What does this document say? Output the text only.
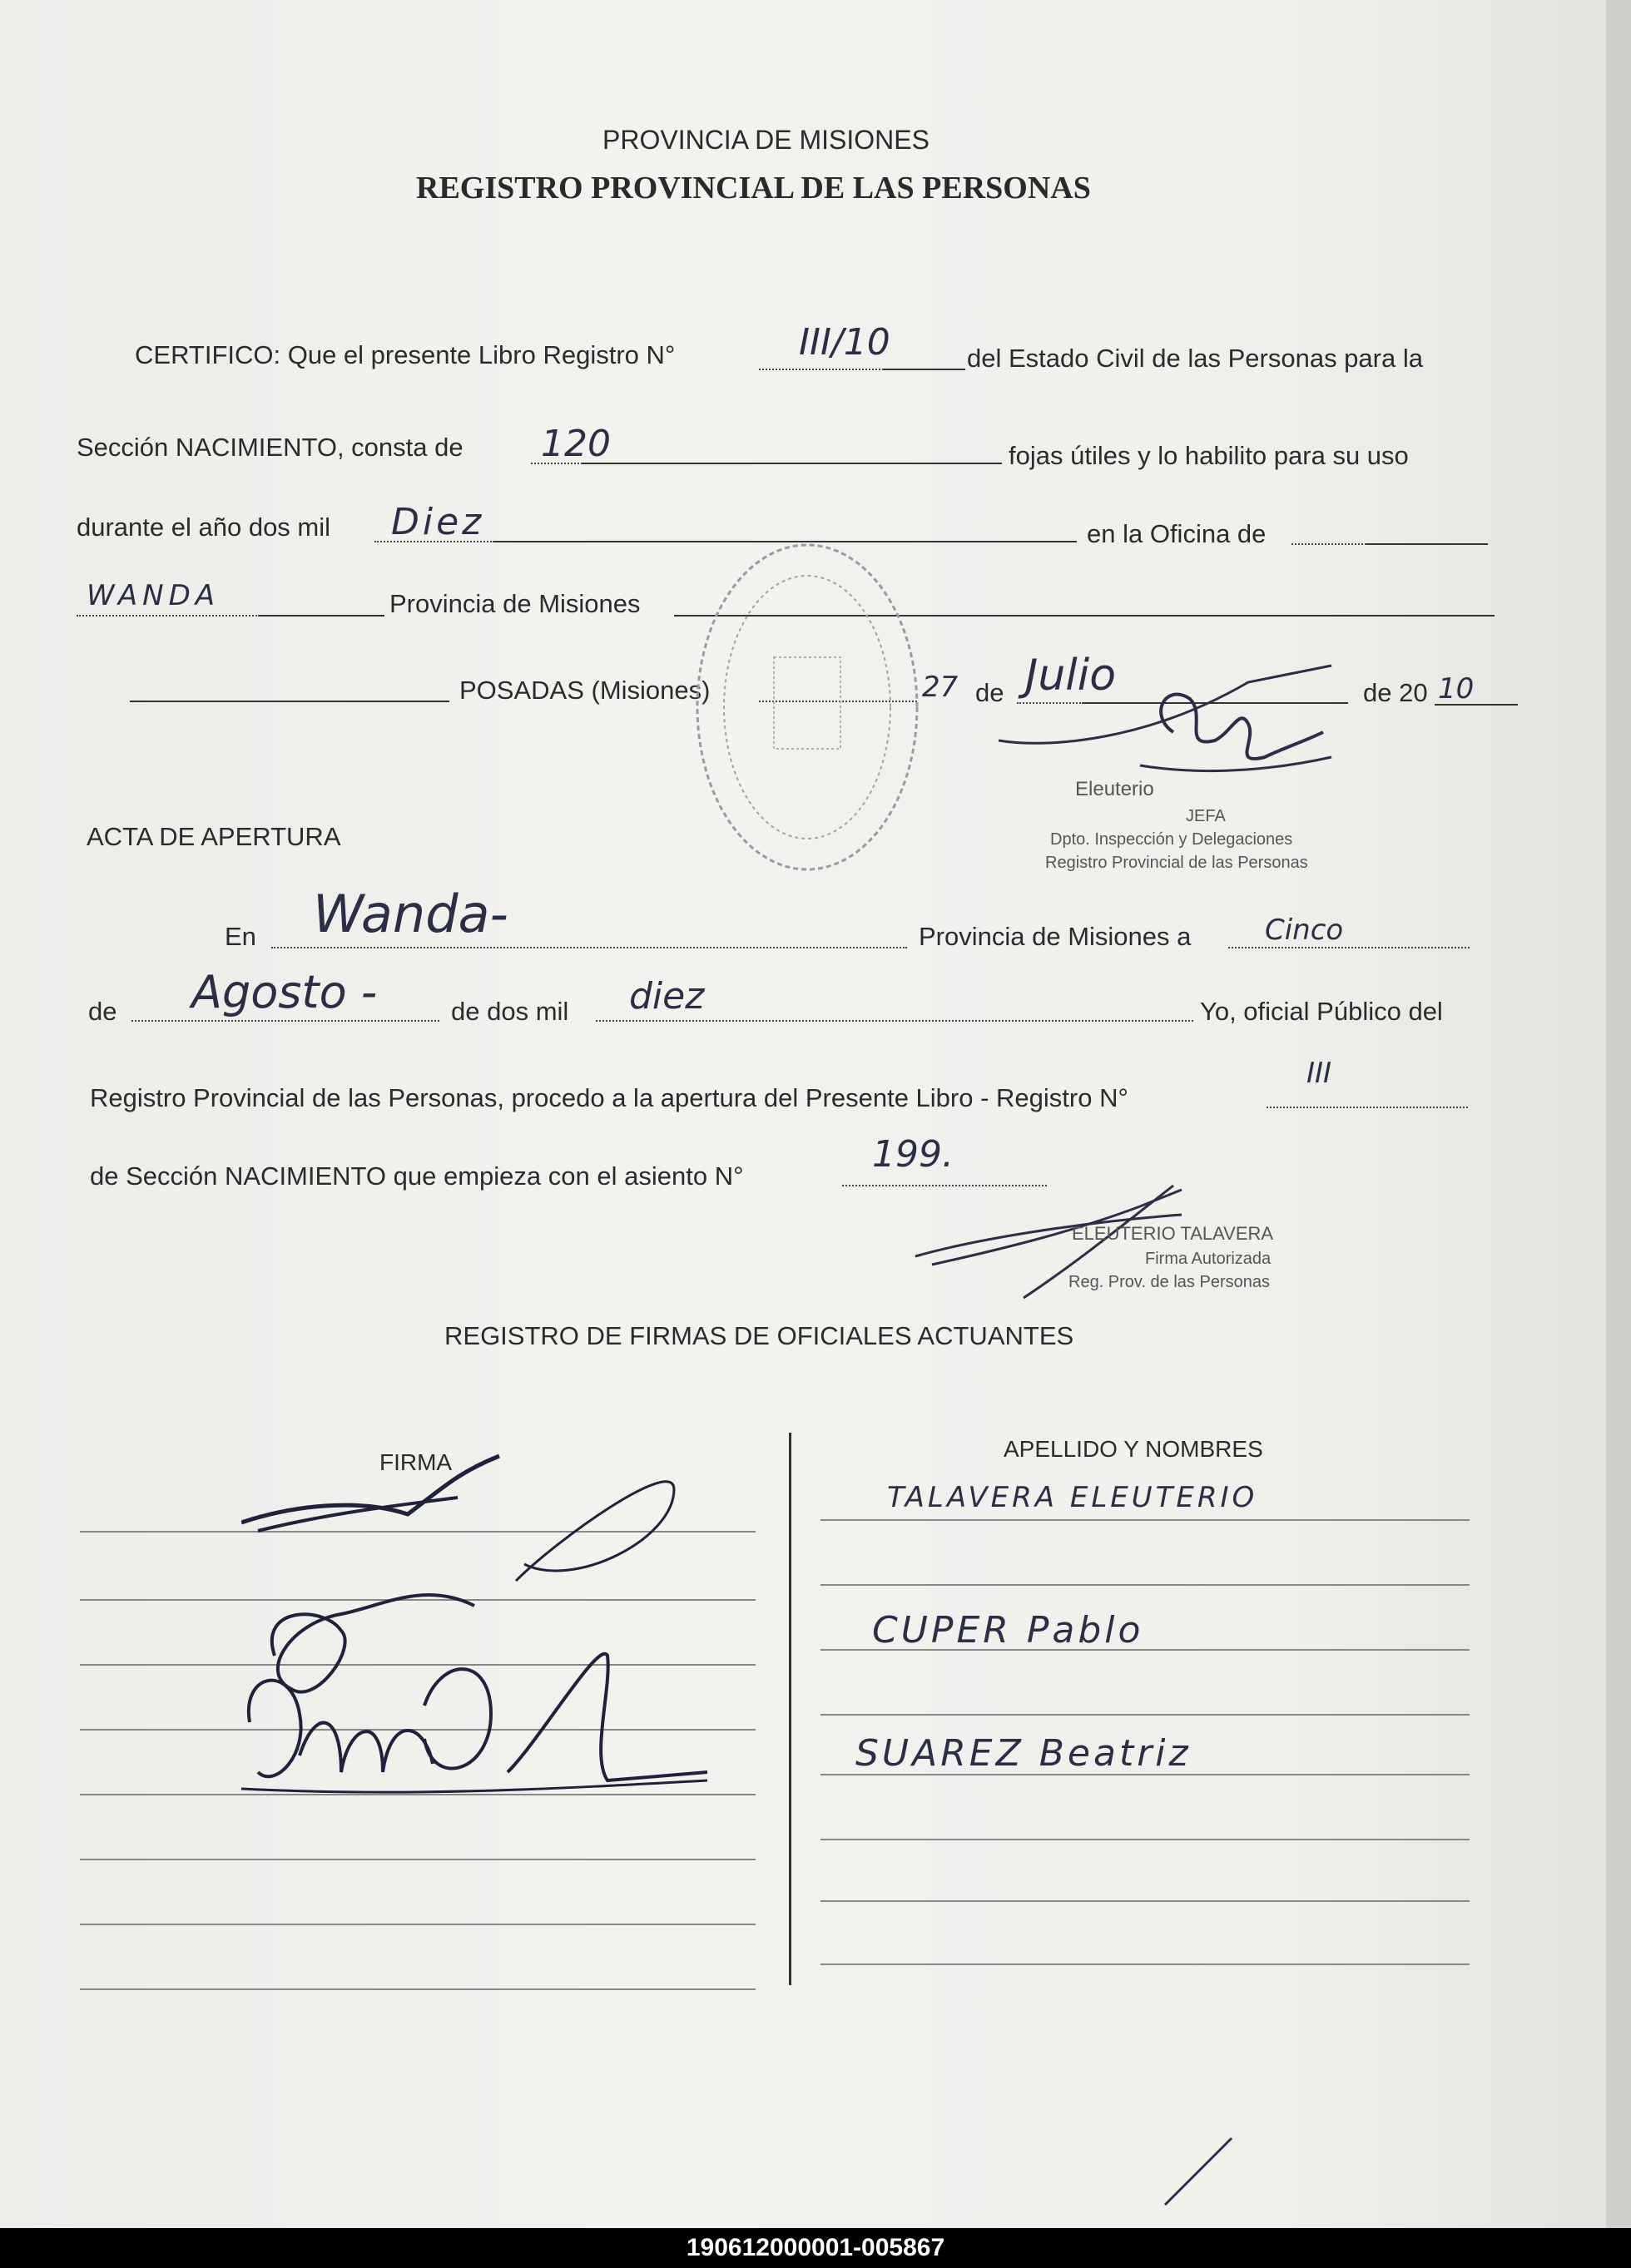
PROVINCIA DE MISIONES
REGISTRO PROVINCIAL DE LAS PERSONAS
CERTIFICO: Que el presente Libro Registro N°	III/10	del Estado Civil de las Personas para la
Sección NACIMIENTO, consta de 120	fojas útiles y lo habilito para su uso
durante el año dos mil Diez	en la Oficina de
WANDA	Provincia de Misiones
POSADAS (Misiones)	27 de Julio	de 20 10
Eleuterio
JEFA
Dpto. Inspección y Delegaciones
Registro Provincial de las Personas
ACTA DE APERTURA
En Wanda-	Provincia de Misiones a	Cinco
de Agosto -	de dos mil diez	Yo, oficial Público del
Registro Provincial de las Personas, procedo a la apertura del Presente Libro - Registro N°
III
de Sección NACIMIENTO que empieza con el asiento N°
199.
ELEUTERIO TALAVERA
Firma Autorizada
Reg. Prov. de las Personas
REGISTRO DE FIRMAS DE OFICIALES ACTUANTES
FIRMA
APELLIDO Y NOMBRES
TALAVERA ELEUTERIO
CUPER Pablo
SUAREZ Beatriz
190612000001-005867
